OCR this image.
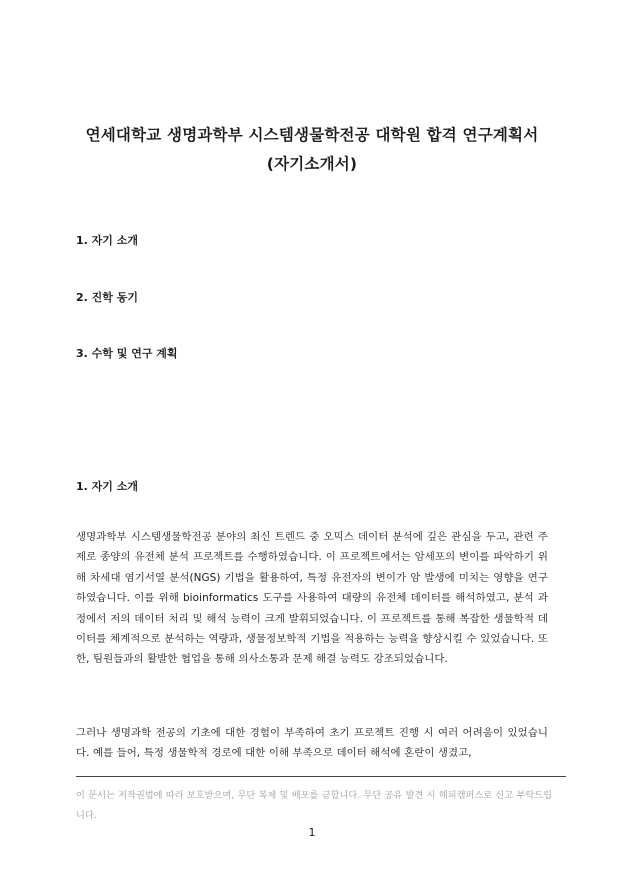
연세대학교 생명과학부 시스템생물학전공 대학원 합격 연구계획서
(자기소개서)
1. 자기 소개
2. 진학 동기
3. 수학 및 연구 계획
1. 자기 소개
생명과학부 시스템생물학전공 분야의 최신 트렌드 중 오믹스 데이터 분석에 깊은 관심을 두고, 관련 주제로 종양의 유전체 분석 프로젝트를 수행하였습니다. 이 프로젝트에서는 암세포의 변이를 파악하기 위해 차세대 염기서열 분석(NGS) 기법을 활용하여, 특정 유전자의 변이가 암 발생에 미치는 영향을 연구하였습니다. 이를 위해 bioinformatics 도구를 사용하여 대량의 유전체 데이터를 해석하였고, 분석 과정에서 저의 데이터 처리 및 해석 능력이 크게 발휘되었습니다. 이 프로젝트를 통해 복잡한 생물학적 데이터를 체계적으로 분석하는 역량과, 생물정보학적 기법을 적용하는 능력을 향상시킬 수 있었습니다. 또한, 팀원들과의 활발한 협업을 통해 의사소통과 문제 해결 능력도 강조되었습니다.
그러나 생명과학 전공의 기초에 대한 경험이 부족하여 초기 프로젝트 진행 시 여러 어려움이 있었습니다. 예를 들어, 특정 생물학적 경로에 대한 이해 부족으로 데이터 해석에 혼란이 생겼고,
이 문서는 저작권법에 따라 보호받으며, 무단 복제 및 배포를 금합니다. 무단 공유 발견 시 해피캠퍼스로 신고 부탁드립니다.
1
